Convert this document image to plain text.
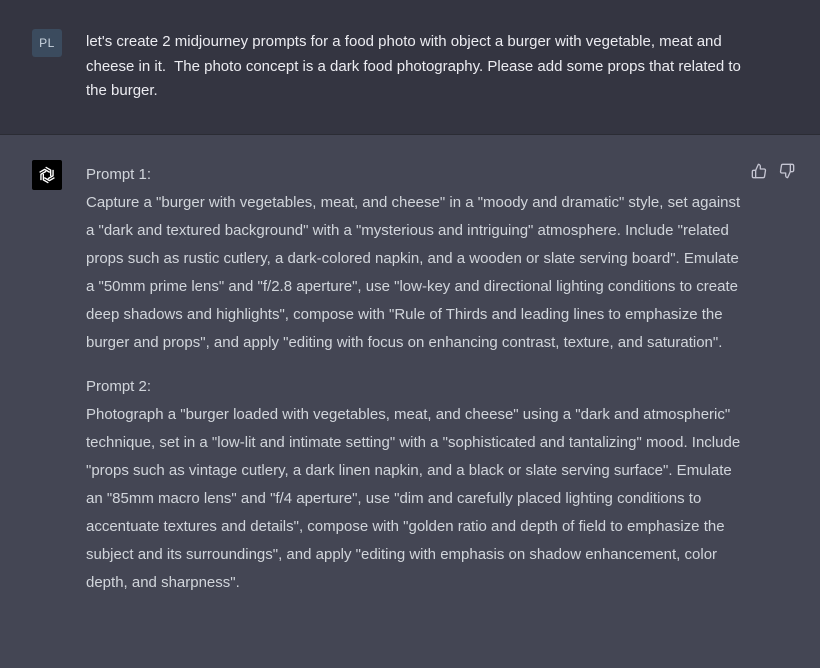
PL	let's create 2 midjourney prompts for a food photo with object a burger with vegetable, meat and cheese in it.  The photo concept is a dark food photography. Please add some props that related to the burger.
Prompt 1:
Capture a "burger with vegetables, meat, and cheese" in a "moody and dramatic" style, set against a "dark and textured background" with a "mysterious and intriguing" atmosphere. Include "related props such as rustic cutlery, a dark-colored napkin, and a wooden or slate serving board". Emulate a "50mm prime lens" and "f/2.8 aperture", use "low-key and directional lighting conditions to create deep shadows and highlights", compose with "Rule of Thirds and leading lines to emphasize the burger and props", and apply "editing with focus on enhancing contrast, texture, and saturation".
Prompt 2:
Photograph a "burger loaded with vegetables, meat, and cheese" using a "dark and atmospheric" technique, set in a "low-lit and intimate setting" with a "sophisticated and tantalizing" mood. Include "props such as vintage cutlery, a dark linen napkin, and a black or slate serving surface". Emulate an "85mm macro lens" and "f/4 aperture", use "dim and carefully placed lighting conditions to accentuate textures and details", compose with "golden ratio and depth of field to emphasize the subject and its surroundings", and apply "editing with emphasis on shadow enhancement, color depth, and sharpness".
